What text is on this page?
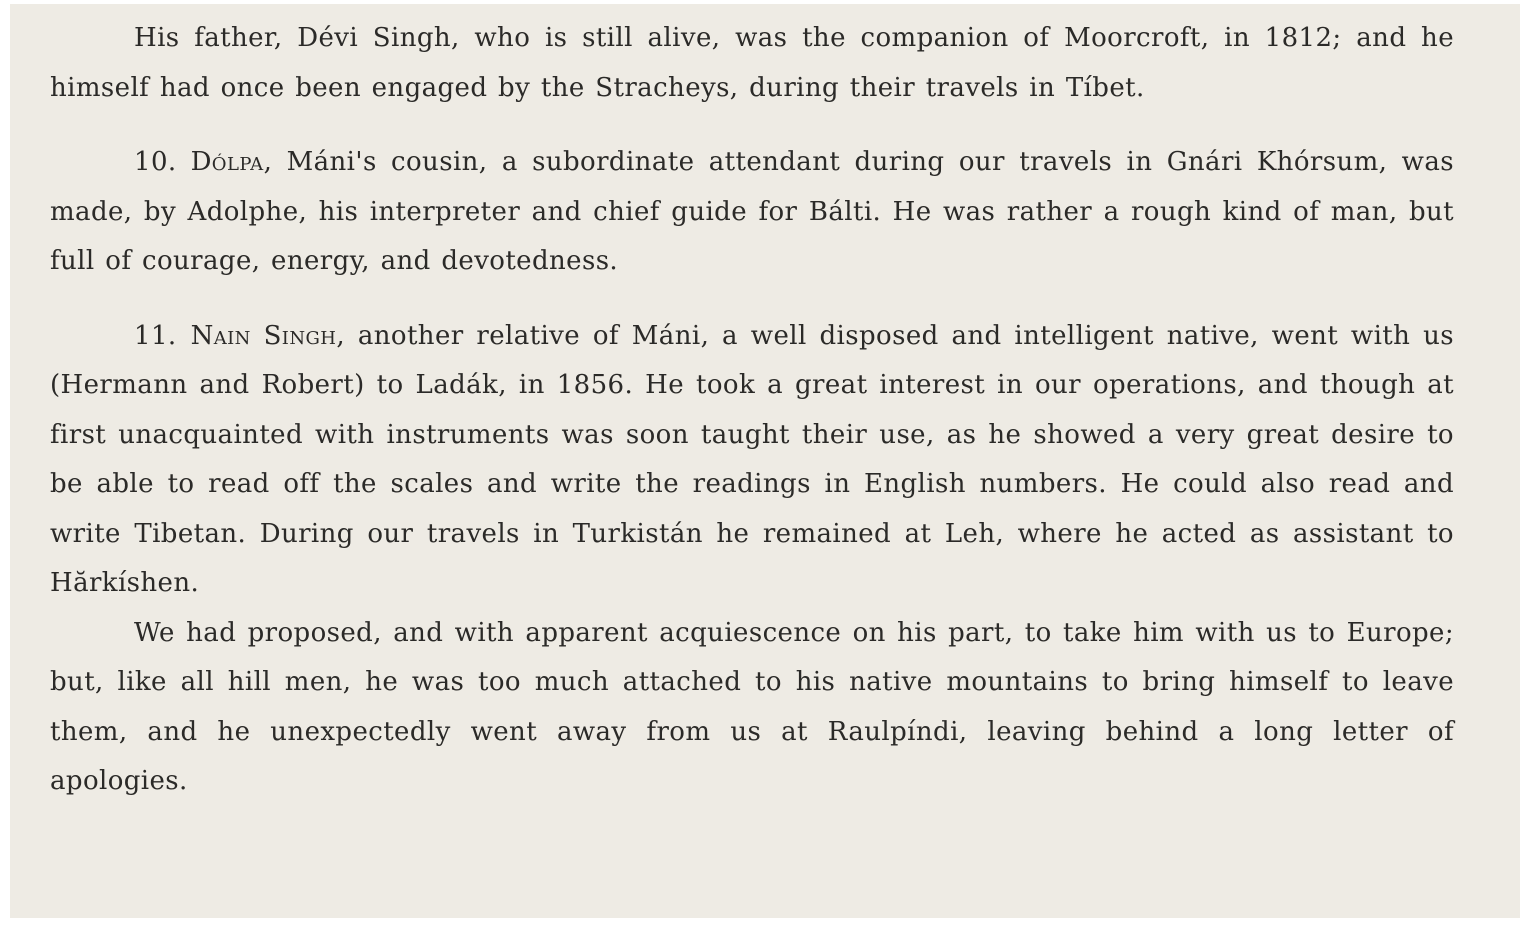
His father, Dévi Singh, who is still alive, was the companion of Moorcroft, in 1812; and he himself had once been engaged by the Stracheys, during their travels in Tíbet.

10. Dólpa, Máni's cousin, a subordinate attendant during our travels in Gnári Khórsum, was made, by Adolphe, his interpreter and chief guide for Bálti. He was rather a rough kind of man, but full of courage, energy, and devotedness.

11. Nain Singh, another relative of Máni, a well disposed and intelligent native, went with us (Hermann and Robert) to Ladák, in 1856. He took a great interest in our operations, and though at first unacquainted with instruments was soon taught their use, as he showed a very great desire to be able to read off the scales and write the readings in English numbers. He could also read and write Tibetan. During our travels in Turkistán he remained at Leh, where he acted as assistant to Hărkíshen.

We had proposed, and with apparent acquiescence on his part, to take him with us to Europe; but, like all hill men, he was too much attached to his native mountains to bring himself to leave them, and he unexpectedly went away from us at Raulpíndi, leaving behind a long letter of apologies.
